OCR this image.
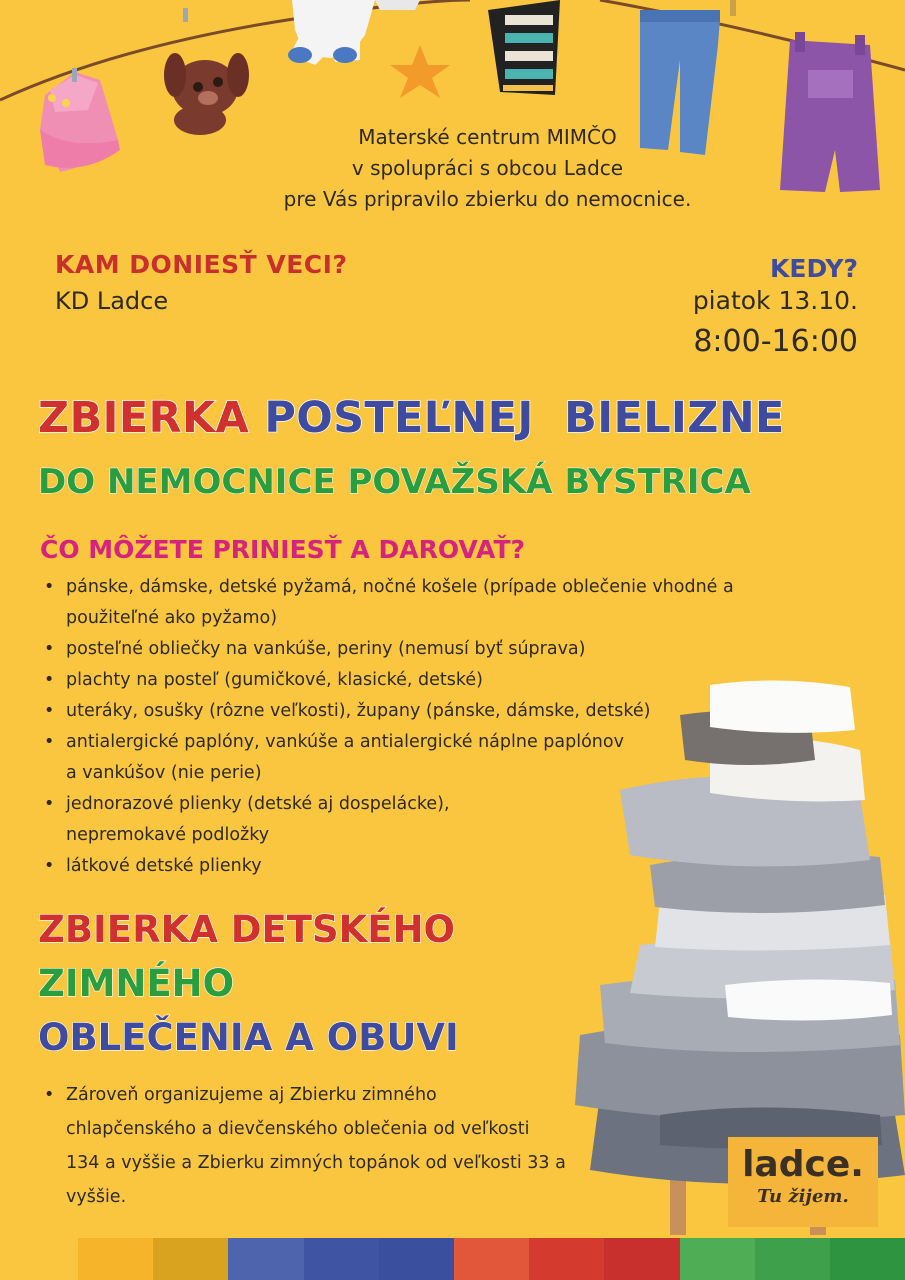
Materské centrum MIMČO
v spolupráci s obcou Ladce
pre Vás pripravilo zbierku do nemocnice.
KAM DONIESŤ VECI?
KD Ladce
KEDY?
piatok 13.10.
8:00-16:00
ZBIERKA POSTEĽNEJ  BIELIZNE
DO NEMOCNICE POVAŽSKÁ BYSTRICA
ČO MÔŽETE PRINIESŤ A DAROVAŤ?
• pánske, dámske, detské pyžamá, nočné košele (prípade oblečenie vhodné a použiteľné ako pyžamo)
• posteľné obliečky na vankúše, periny (nemusí byť súprava)
• plachty na posteľ (gumičkové, klasické, detské)
• uteráky, osušky (rôzne veľkosti), župany (pánske, dámske, detské)
• antialergické paplóny, vankúše a antialergické náplne paplónov a vankúšov (nie perie)
• jednorazové plienky (detské aj dospelácke), nepremokavé podložky
• látkové detské plienky
ZBIERKA DETSKÉHO
ZIMNÉHO
OBLEČENIA A OBUVI
• Zároveň organizujeme aj Zbierku zimného chlapčenského a dievčenského oblečenia od veľkosti 134 a vyššie a Zbierku zimných topánok od veľkosti 33 a vyššie.
ladce.
Tu žijem.
